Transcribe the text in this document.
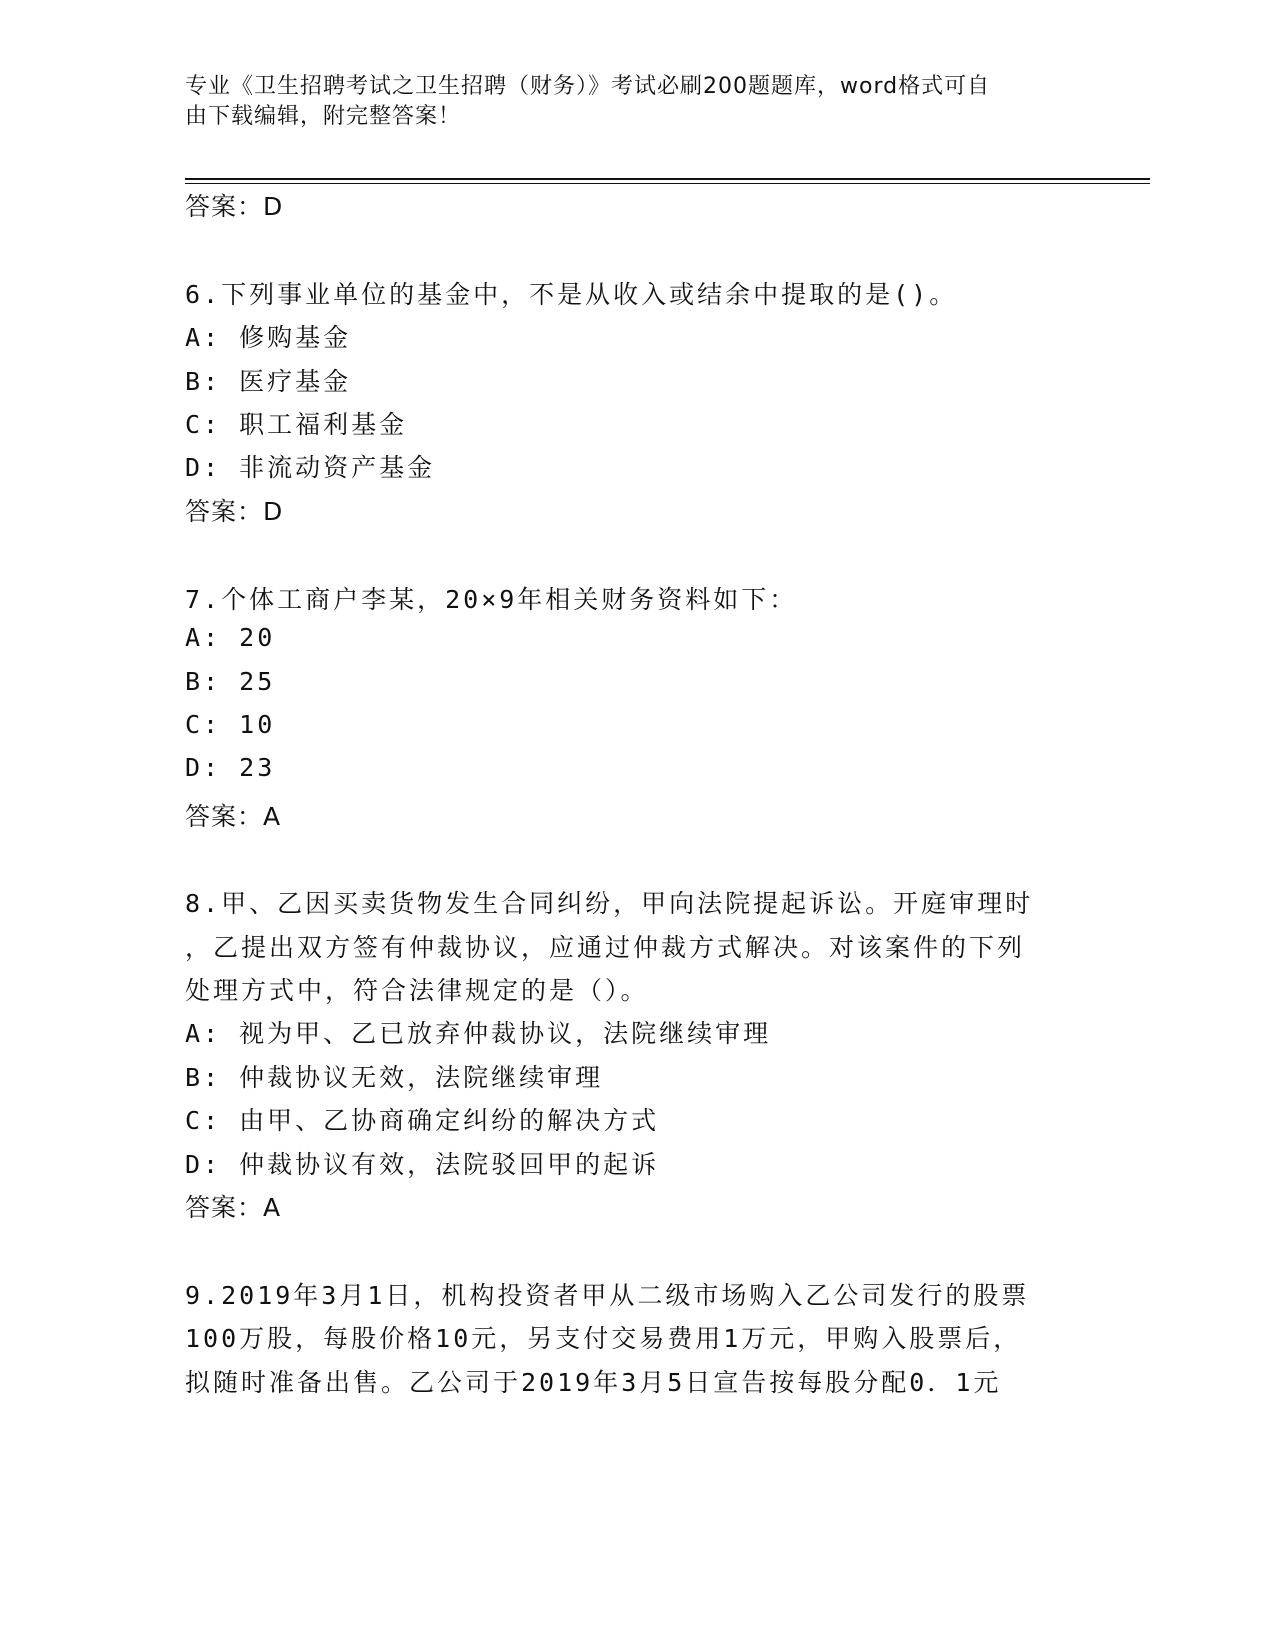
专业《卫生招聘考试之卫生招聘（财务）》考试必刷200题题库，word格式可自
由下载编辑，附完整答案！
答案：D
6.下列事业单位的基金中，不是从收入或结余中提取的是()。
A: 修购基金
B: 医疗基金
C: 职工福利基金
D: 非流动资产基金
答案：D
7.个体工商户李某，20×9年相关财务资料如下：
A: 20
B: 25
C: 10
D: 23
答案：A
8.甲、乙因买卖货物发生合同纠纷，甲向法院提起诉讼。开庭审理时
，乙提出双方签有仲裁协议，应通过仲裁方式解决。对该案件的下列
处理方式中，符合法律规定的是（）。
A: 视为甲、乙已放弃仲裁协议，法院继续审理
B: 仲裁协议无效，法院继续审理
C: 由甲、乙协商确定纠纷的解决方式
D: 仲裁协议有效，法院驳回甲的起诉
答案：A
9.2019年3月1日，机构投资者甲从二级市场购入乙公司发行的股票
100万股，每股价格10元，另支付交易费用1万元，甲购入股票后，
拟随时准备出售。乙公司于2019年3月5日宣告按每股分配0．1元
